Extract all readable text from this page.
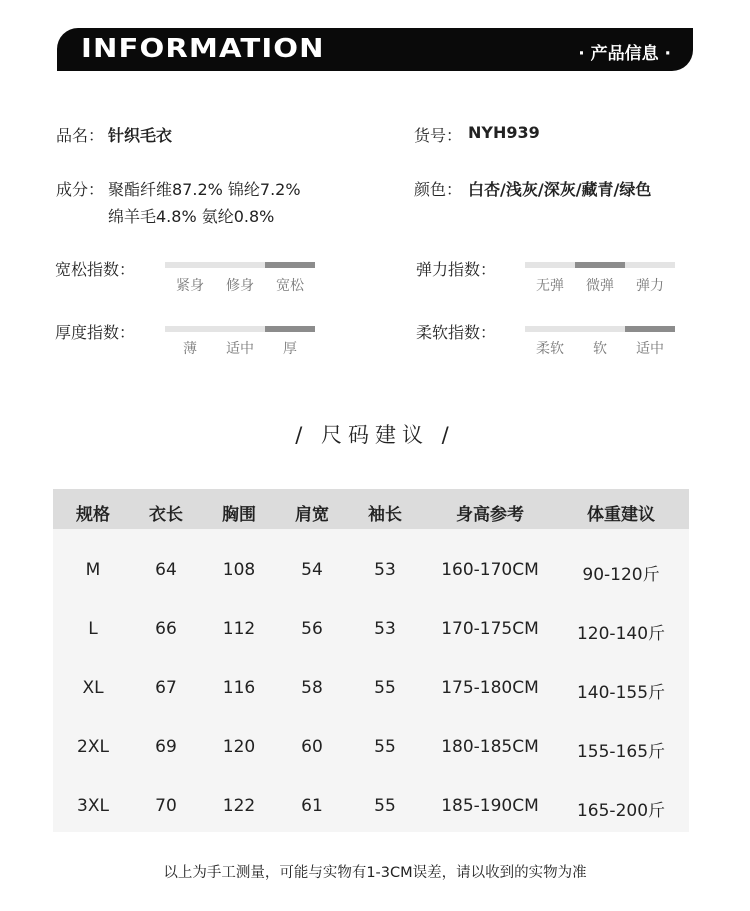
INFORMATION	· 产品信息 ·
品名： 针织毛衣	货号： NYH939
成分： 聚酯纤维87.2% 锦纶7.2%
绵羊毛4.8% 氨纶0.8%
颜色： 白杏/浅灰/深灰/藏青/绿色
宽松指数：
紧身	修身	宽松
弹力指数：
无弹	微弹	弹力
厚度指数：
薄	适中	厚
柔软指数：
柔软	软	适中
/ 尺码建议 /
规格	衣长	胸围	肩宽	袖长	身高参考	体重建议
M	64	108	54	53	160-170CM	90-120斤
L	66	112	56	53	170-175CM	120-140斤
XL	67	116	58	55	175-180CM	140-155斤
2XL	69	120	60	55	180-185CM	155-165斤
3XL	70	122	61	55	185-190CM	165-200斤
以上为手工测量，可能与实物有1-3CM误差，请以收到的实物为准
